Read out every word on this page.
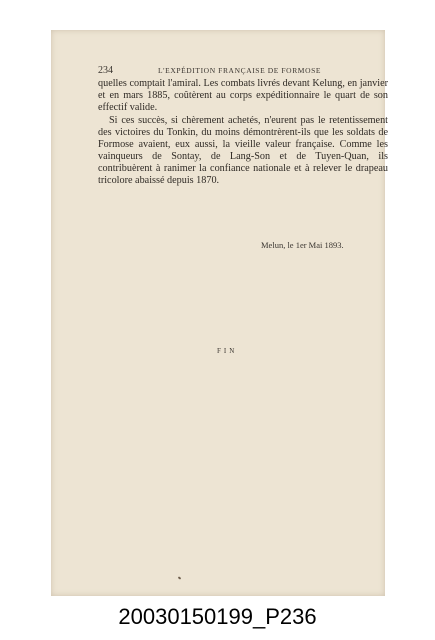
234	L'EXPÉDITION FRANÇAISE DE FORMOSE

quelles comptait l'amiral. Les combats livrés devant Kelung, en janvier et en mars 1885, coûtèrent au corps expéditionnaire le quart de son effectif valide.

Si ces succès, si chèrement achetés, n'eurent pas le retentissement des victoires du Tonkin, du moins démontrèrent-ils que les soldats de Formose avaient, eux aussi, la vieille valeur française. Comme les vainqueurs de Sontay, de Lang-Son et de Tuyen-Quan, ils contribuèrent à ranimer la confiance nationale et à relever le drapeau tricolore abaissé depuis 1870.

Melun, le 1er Mai 1893.
FIN
20030150199_P236
